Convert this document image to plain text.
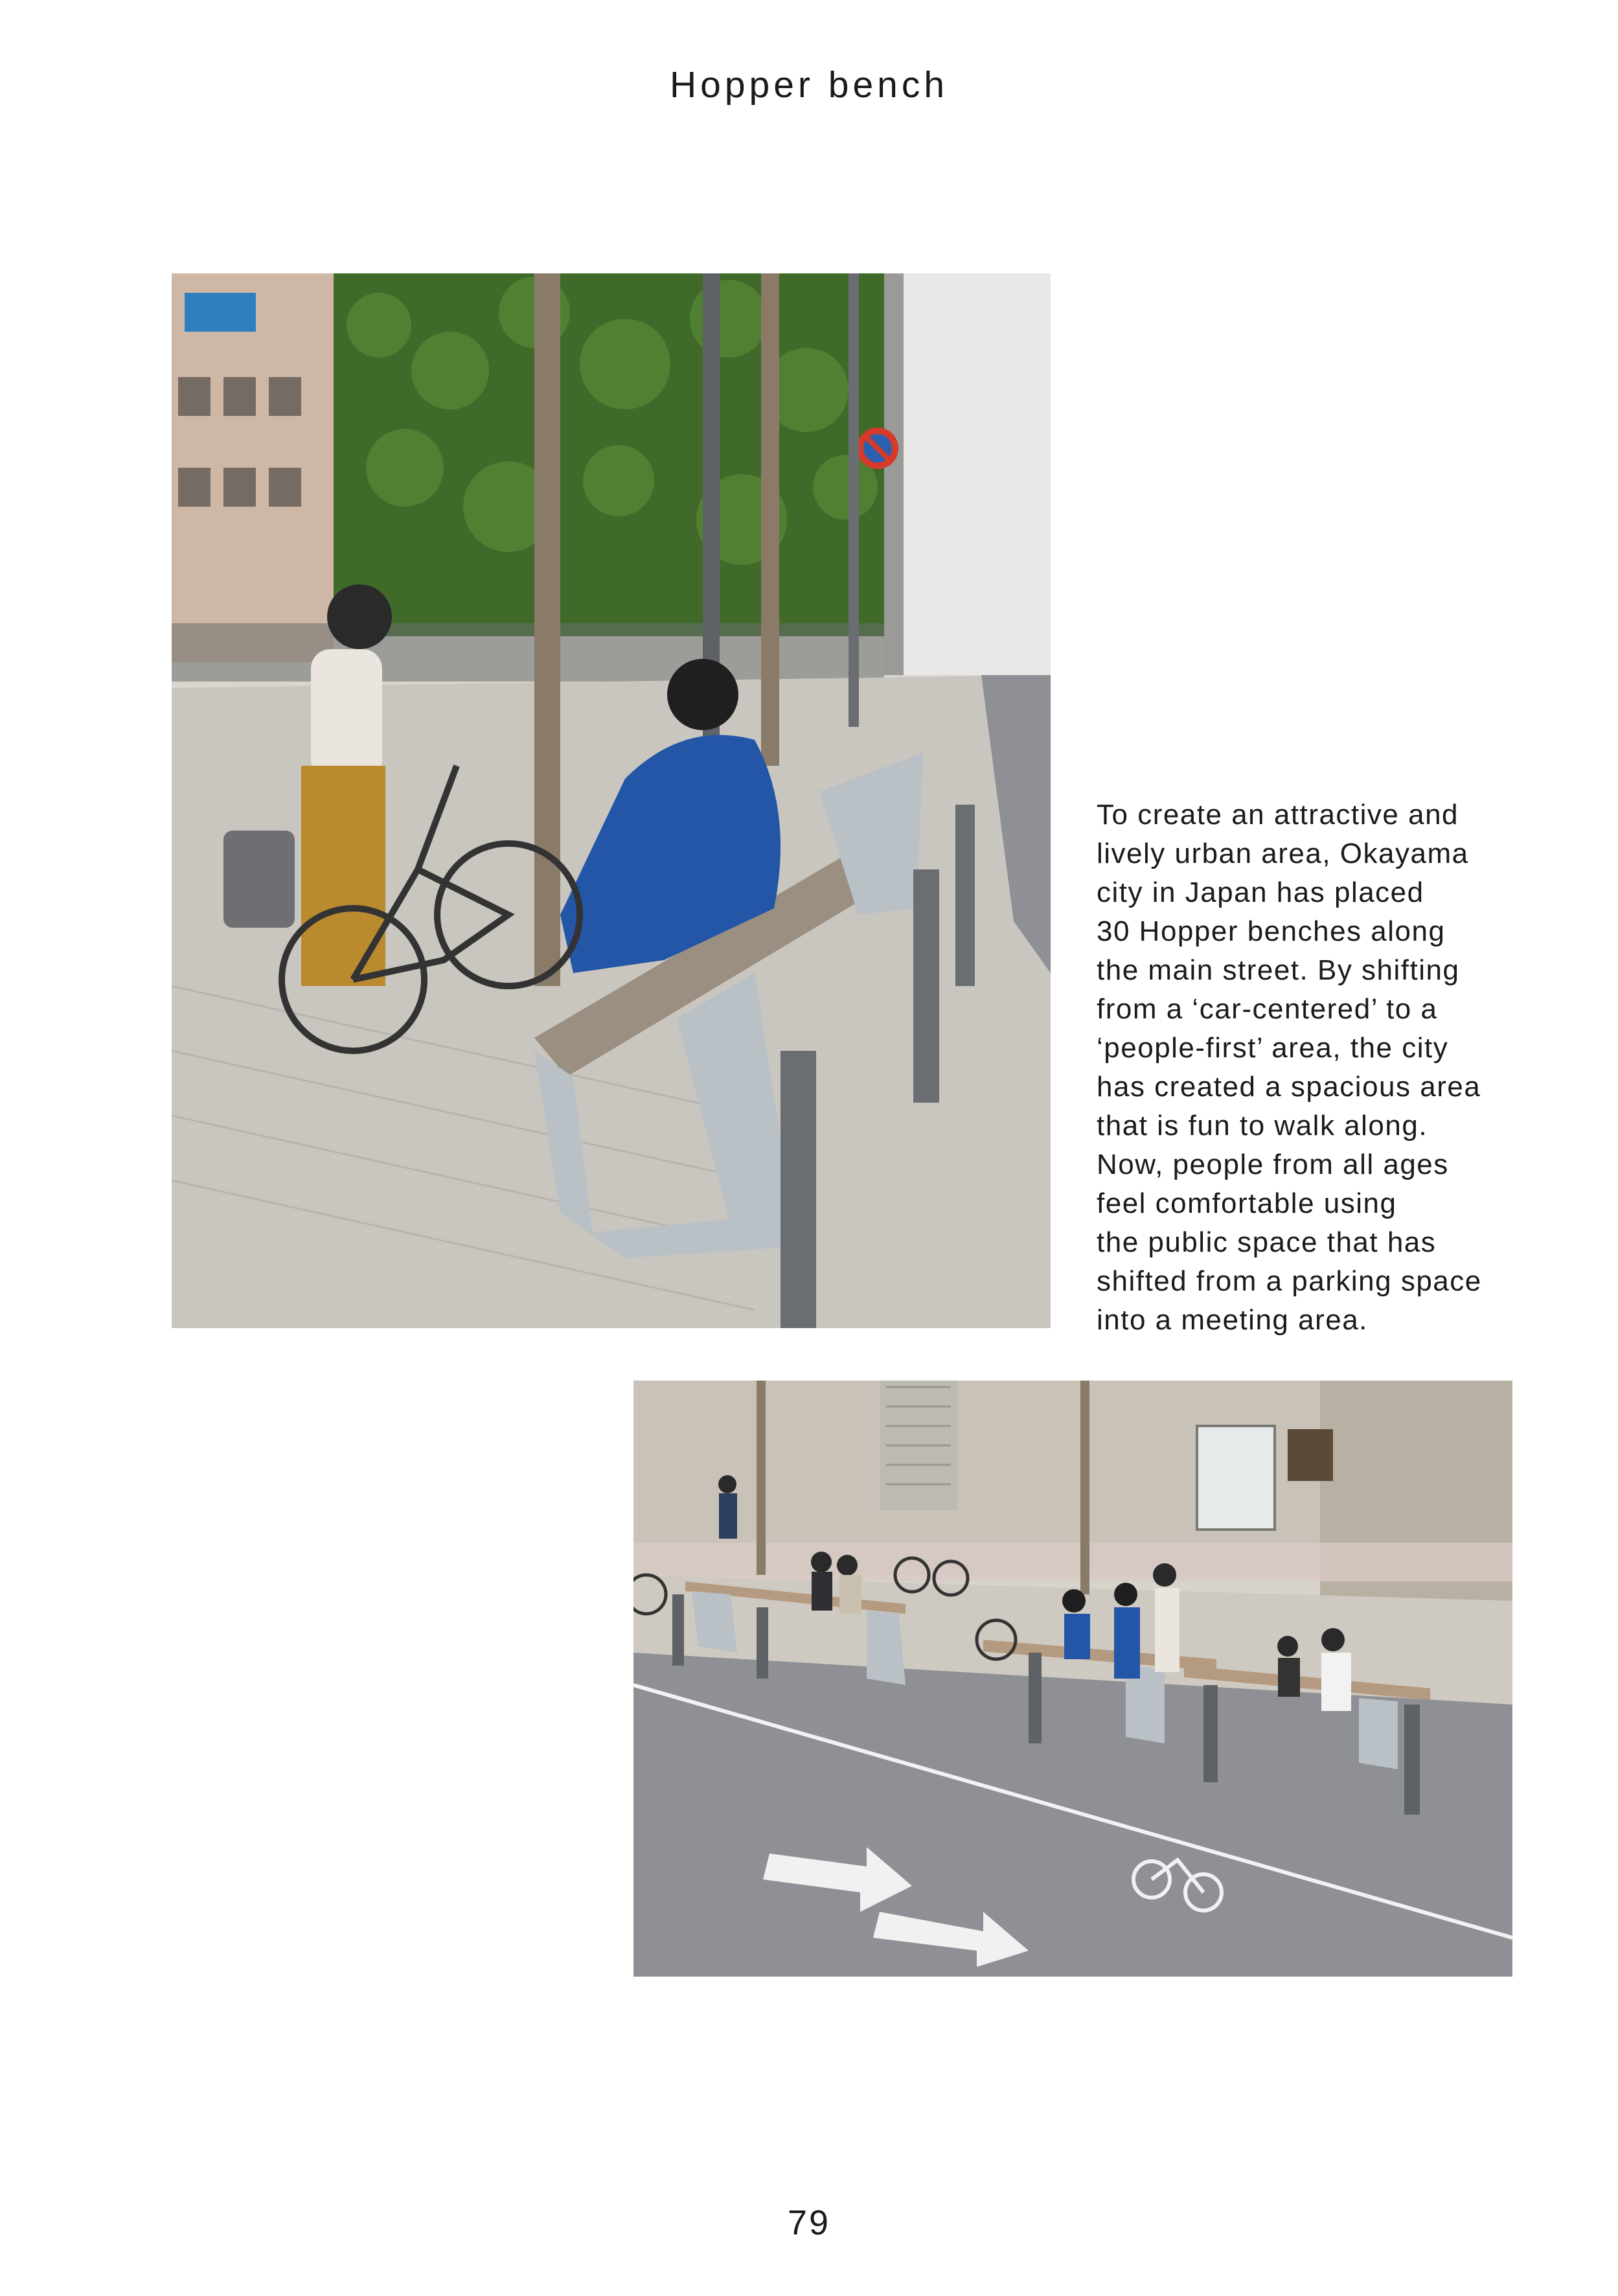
Hopper bench
To create an attractive and
lively urban area, Okayama
city in Japan has placed
30 Hopper benches along
the main street. By shifting
from a ‘car-centered’ to a
‘people-first’ area, the city
has created a spacious area
that is fun to walk along.
Now, people from all ages
feel comfortable using
the public space that has
shifted from a parking space
into a meeting area.
79
